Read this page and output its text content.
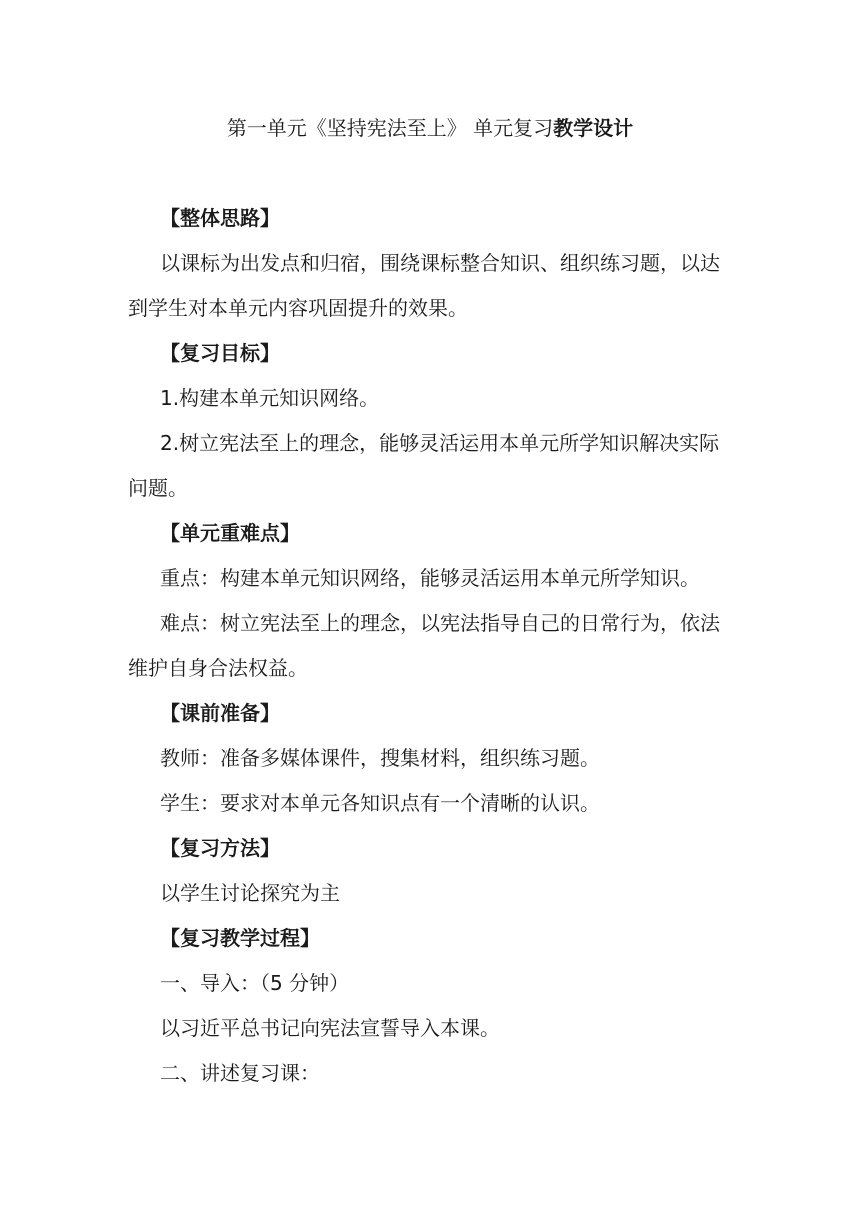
第一单元《坚持宪法至上》 单元复习教学设计
【整体思路】
以课标为出发点和归宿，围绕课标整合知识、组织练习题，以达
到学生对本单元内容巩固提升的效果。
【复习目标】
1.构建本单元知识网络。
2.树立宪法至上的理念，能够灵活运用本单元所学知识解决实际
问题。
【单元重难点】
重点：构建本单元知识网络，能够灵活运用本单元所学知识。
难点：树立宪法至上的理念，以宪法指导自己的日常行为，依法
维护自身合法权益。
【课前准备】
教师：准备多媒体课件，搜集材料，组织练习题。
学生：要求对本单元各知识点有一个清晰的认识。
【复习方法】
以学生讨论探究为主
【复习教学过程】
一、导入：（5 分钟）
以习近平总书记向宪法宣誓导入本课。
二、讲述复习课：
